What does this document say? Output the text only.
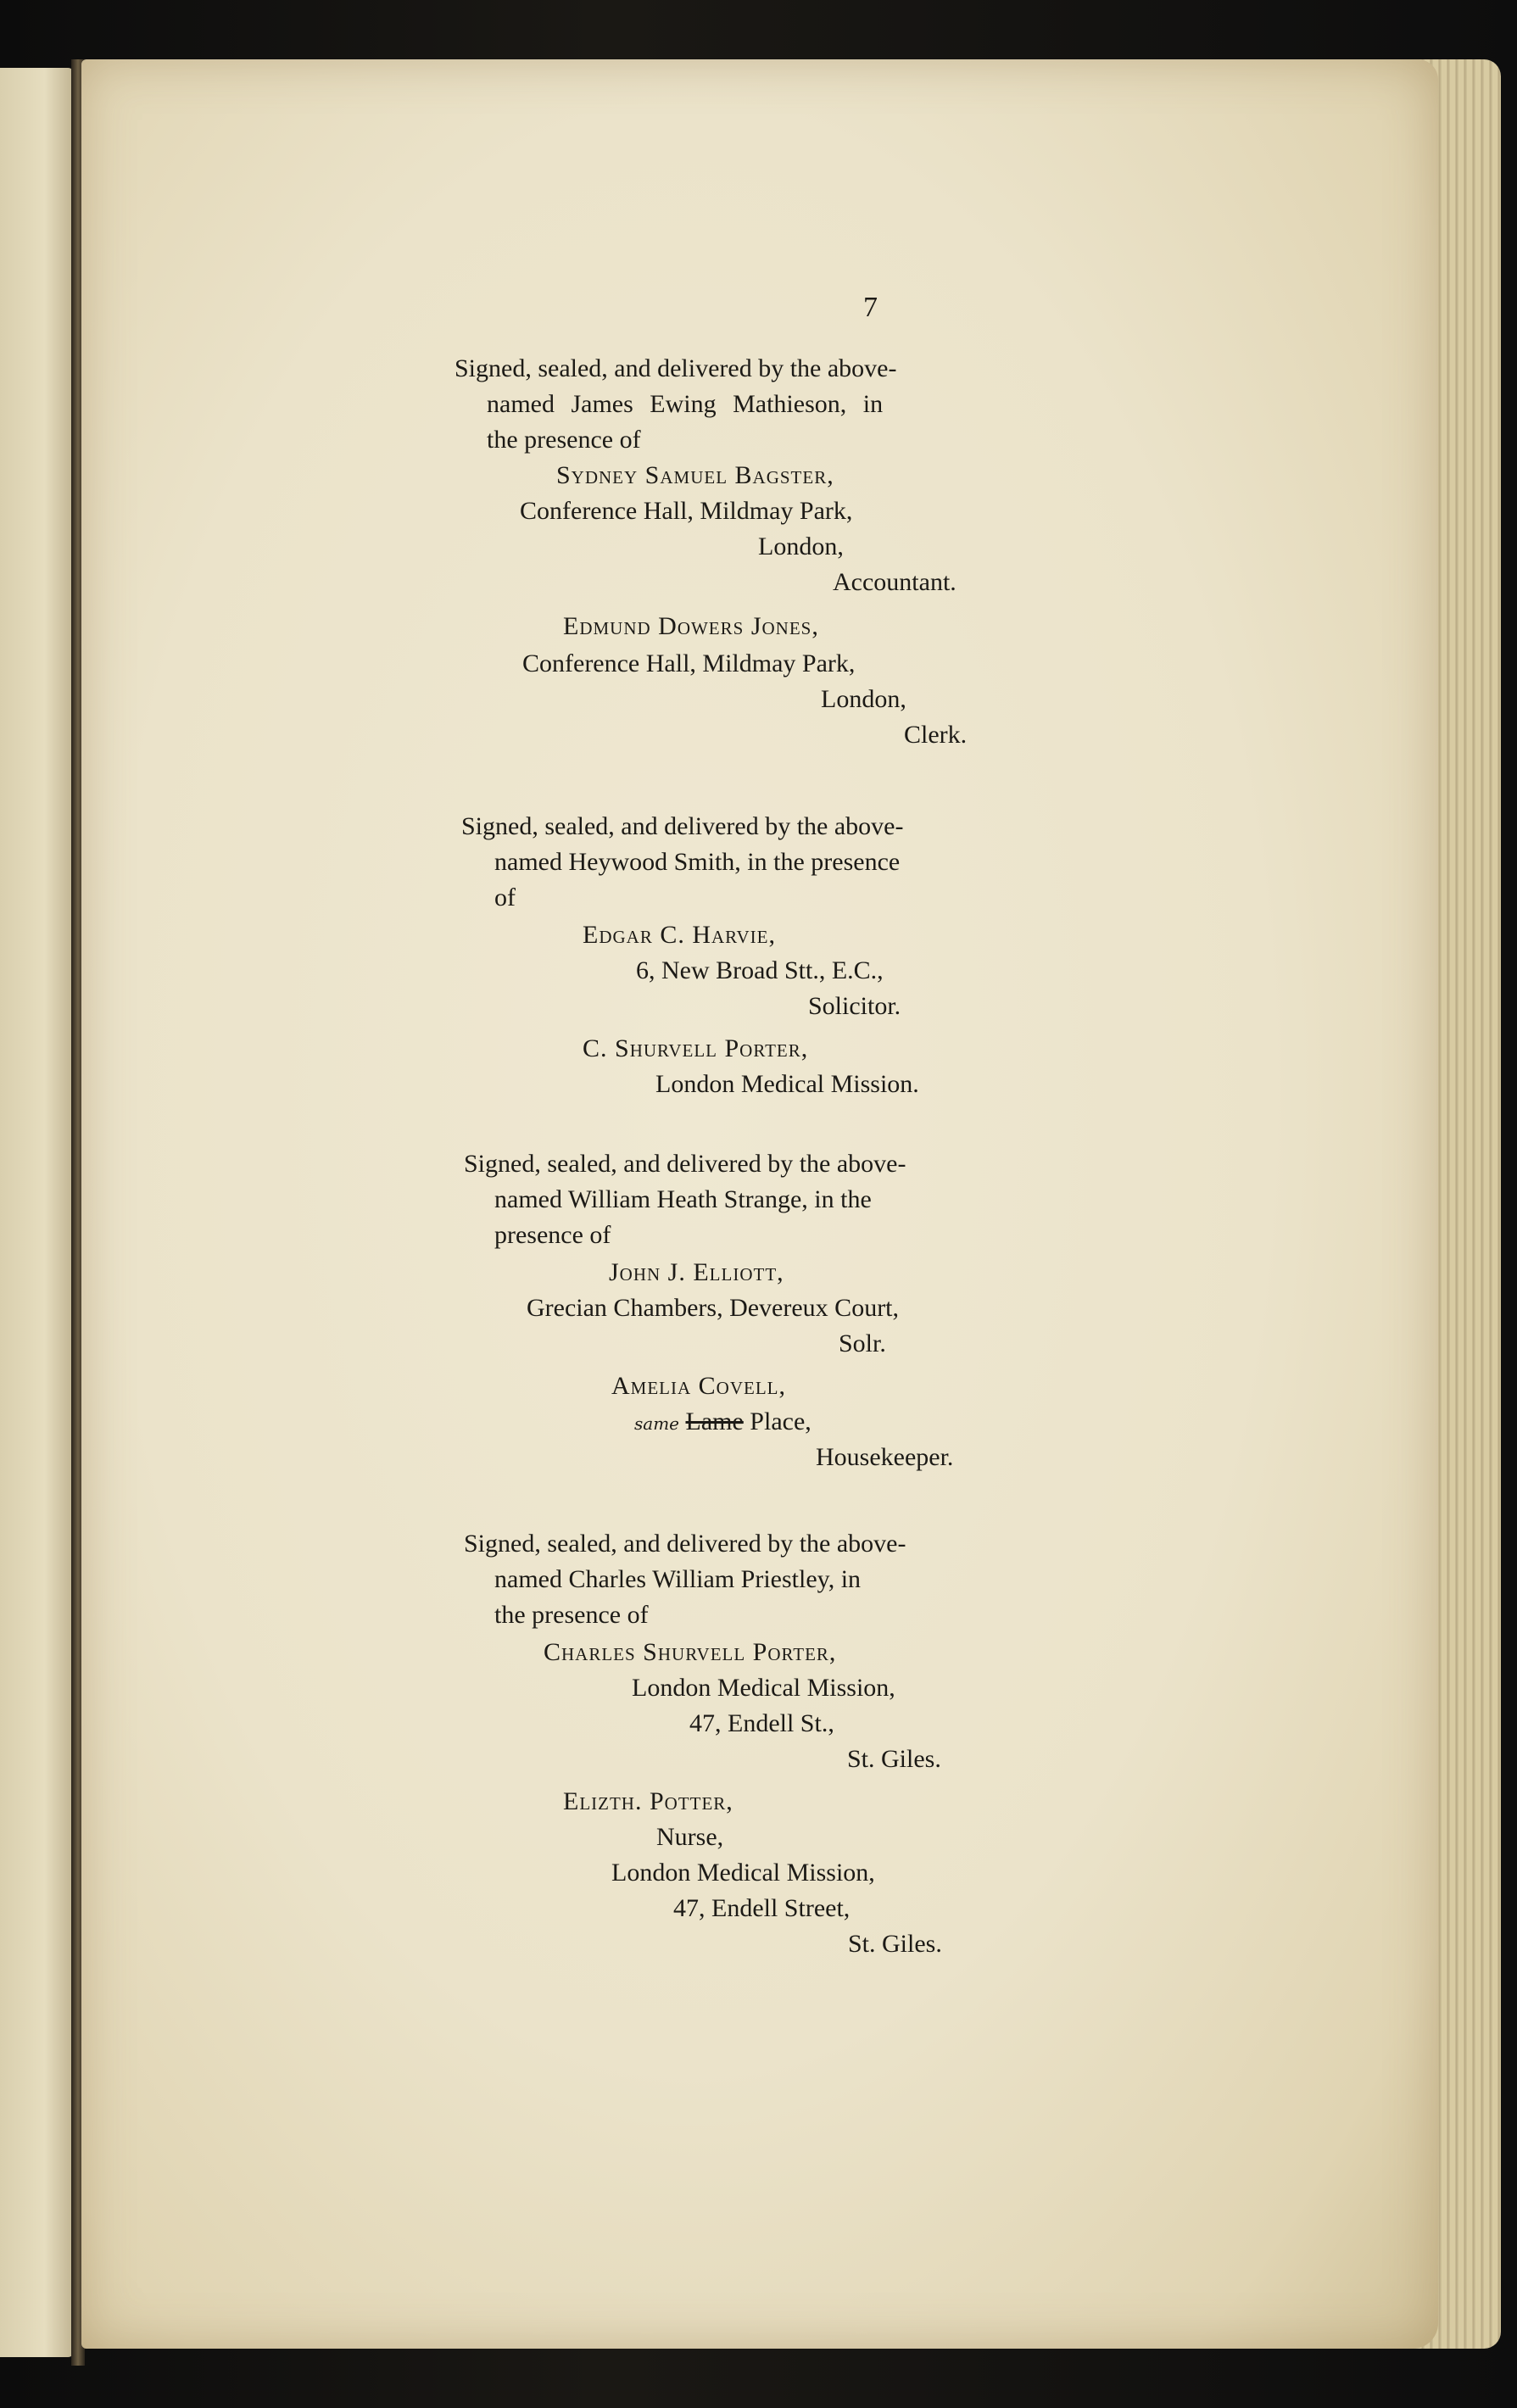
7
Signed, sealed, and delivered by the above-
named James Ewing Mathieson, in
the presence of
Sydney Samuel Bagster,
Conference Hall, Mildmay Park,
London,
Accountant.
Edmund Dowers Jones,
Conference Hall, Mildmay Park,
London,
Clerk.
Signed, sealed, and delivered by the above-
named Heywood Smith, in the presence
of
Edgar C. Harvie,
6, New Broad Stt., E.C.,
Solicitor.
C. Shurvell Porter,
London Medical Mission.
Signed, sealed, and delivered by the above-
named William Heath Strange, in the
presence of
John J. Elliott,
Grecian Chambers, Devereux Court,
Solr.
Amelia Covell,
same Lame Place,
Housekeeper.
Signed, sealed, and delivered by the above-
named Charles William Priestley, in
the presence of
Charles Shurvell Porter,
London Medical Mission,
47, Endell St.,
St. Giles.
Elizth. Potter,
Nurse,
London Medical Mission,
47, Endell Street,
St. Giles.
